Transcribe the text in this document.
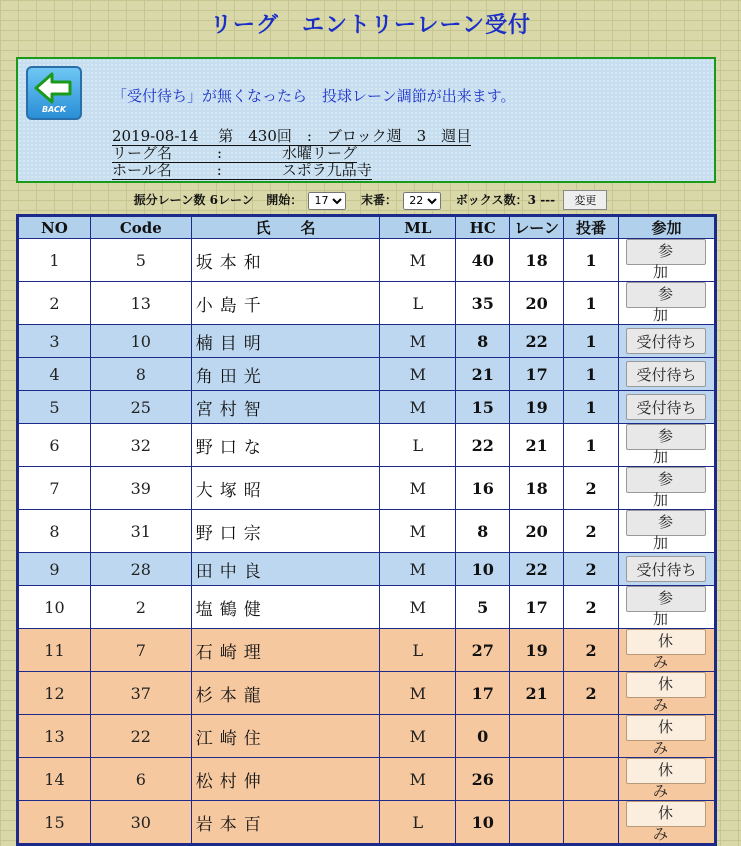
リーグ　エントリーレーン受付
BACK
「受付待ち」が無くなったら　投球レーン調節が出来ます。
2019-08-14　 第　430回　:　ブロック週　3　週目
リーグ名　　　:　　　　水曜リーグ
ホール名　　　:　　　　スポラ九品寺
振分レーン数 6レーン 開始：
17	末番：
22	ボックス数：3 --- 変更
NO	Code	氏　　名	ML	HC	レーン	投番	参加
1	5	坂本和	M	40	18	1	参　加
2	13	小島千	L	35	20	1	参　加
3	10	楠目明	M	8	22	1	受付待ち
4	8	角田光	M	21	17	1	受付待ち
5	25	宮村智	M	15	19	1	受付待ち
6	32	野口な	L	22	21	1	参　加
7	39	大塚昭	M	16	18	2	参　加
8	31	野口宗	M	8	20	2	参　加
9	28	田中良	M	10	22	2	受付待ち
10	2	塩鶴健	M	5	17	2	参　加
11	7	石崎理	L	27	19	2	休　み
12	37	杉本龍	M	17	21	2	休　み
13	22	江崎住	M	0			休　み
14	6	松村伸	M	26			休　み
15	30	岩本百	L	10			休　み
